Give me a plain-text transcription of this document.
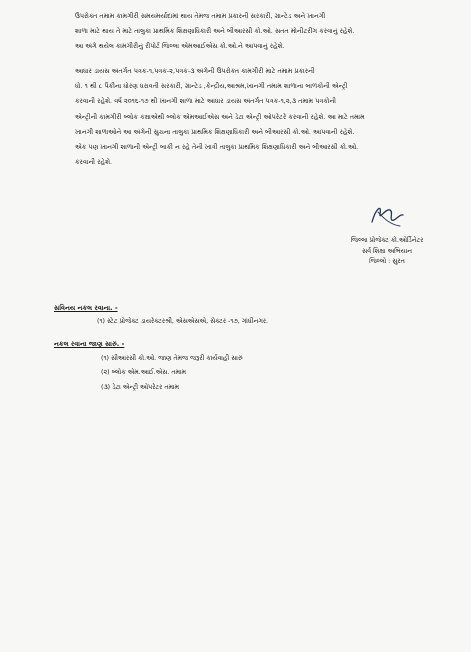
ઉપરોક્ત તમામ કામગીરી સમયમર્યાદામાં થાય તેમજ તમામ પ્રકારની સરકારી, ગ્રાન્ટેડ અને ખાનગી
શાળા માટે થાય તે માટે તાલુકા પ્રાથમિક શિક્ષણાધિકારી અને બીઆરસી કો.ઓ. સતત મોનીટરીંગ કરવાનું રહેશે.
આ અંગે થયેલ કામગીરીનું રીપોર્ટ જિલ્લા એમઆઈએસ કો.ઓ.ને આપવાનું રહેશે.
આધાર ડાયસ અંતર્ગત પત્રક-૧,પત્રક-૨,પત્રક-૩ અંગેની ઉપરોક્ત કામગીરી માટે તમામ પ્રકારની
ધો. ૧ થી ૮ પૈકીના ધોરણ ધરાવતી સરકારી, ગ્રાન્ટેડ ,કેન્દ્રીય,આશ્રમ,ખાનગી તમામ શાળાના બાળકોની એન્ટ્રી
કરવાની રહેશે. વર્ષ ૨૦૧૬-૧૭ થી ખાનગી શાળા માટે આધાર ડાયસ અંતર્ગત પત્રક-૧,૨,૩ તમામ પત્રકોની
એન્ટ્રીની કામગીરી બ્લોક કક્ષાએથી બ્લોક એમઆઈએસ અને ડેટા એન્ટ્રી ઓપરેટરે કરવાની રહેશે. આ માટે તમામ
ખાનગી શાળાઓને આ અંગેની સુચના તાલુકા પ્રાથમિક શિક્ષણાધિકારી અને બીઆરસી કો.ઓ. આપવાની રહેશે.
એક પણ ખાનગી શાળાની એન્ટ્રી બાકી ન રહે તેની ખાત્રી તાલુકા પ્રાથમિક શિક્ષણાધિકારી અને બીઆરસી કો.ઓ.
કરવાની રહેશે.
જિલ્લા પ્રોજેક્ટ કો.ઓર્ડિનેટર
સર્વ શિક્ષા અભિયાન
જિલ્લો : સુરત
સવિનય નકલ રવાના. -
(૧) સ્ટેટ પ્રોજેક્ટ ડાયરેક્ટરશ્રી, એસએસએ, સેક્ટર -૧૭, ગાંધીનગર.
નકલ રવાના જાણ સારું. -
(૧) સીઆરસી કો.ઓ. જાણ તેમજ જરૂરી કાર્યવાહી સારું
(૨) બ્લોક એમ.આઈ.એસ. તમામ
(૩) ડેટા એન્ટ્રી ઓપરેટર તમામ
